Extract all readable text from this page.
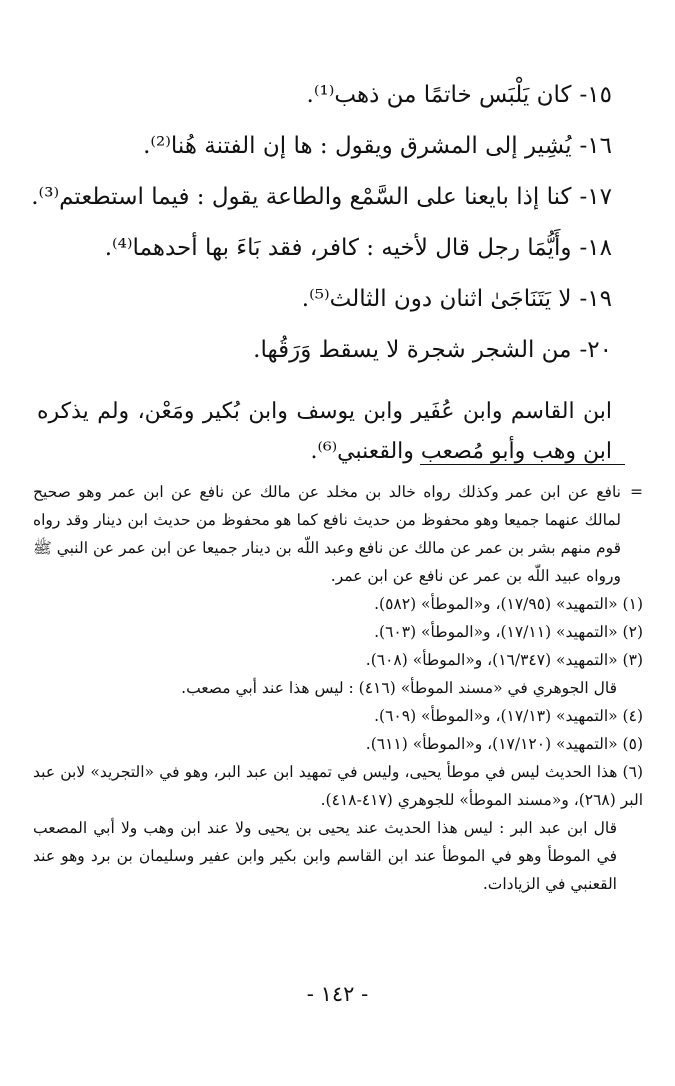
١٥-كان يَلْبَس خاتمًا من ذهب⁽¹⁾.
١٦-يُشِير إلى المشرق ويقول : ها إن الفتنة هُنا⁽²⁾.
١٧-كنا إذا بايعنا على السَّمْع والطاعة يقول : فيما استطعتم⁽³⁾.
١٨-وأَيُّمَا رجل قال لأخيه : كافر، فقد بَاءَ بها أحدهما⁽⁴⁾.
١٩-لا يَتَنَاجَىٰ اثنان دون الثالث⁽⁵⁾.
٢٠-من الشجر شجرة لا يسقط وَرَقُها.

ابن القاسم وابن عُفَير وابن يوسف وابن بُكير ومَعْن، ولم يذكره ابن وهب وأبو مُصعب والقعنبي⁽⁶⁾.

=
نافع عن ابن عمر وكذلك رواه خالد بن مخلد عن مالك عن نافع عن ابن عمر وهو صحيح لمالك عنهما جميعا وهو محفوظ من حديث نافع كما هو محفوظ من حديث ابن دينار وقد رواه قوم منهم بشر بن عمر عن مالك عن نافع وعبد اللّه بن دينار جميعا عن ابن عمر عن النبي ﷺ ورواه عبيد اللّه بن عمر عن نافع عن ابن عمر.
(١) «التمهيد» (١٧/٩٥)، و«الموطأ» (٥٨٢).
(٢) «التمهيد» (١٧/١١)، و«الموطأ» (٦٠٣).
(٣) «التمهيد» (١٦/٣٤٧)، و«الموطأ» (٦٠٨).
قال الجوهري في «مسند الموطأ» (٤١٦) : ليس هذا عند أبي مصعب.
(٤) «التمهيد» (١٧/١٣)، و«الموطأ» (٦٠٩).
(٥) «التمهيد» (١٧/١٢٠)، و«الموطأ» (٦١١).
(٦) هذا الحديث ليس في موطأ يحيى، وليس في تمهيد ابن عبد البر، وهو في «التجريد» لابن عبد البر (٢٦٨)، و«مسند الموطأ» للجوهري (٤١٧-٤١٨).
قال ابن عبد البر : ليس هذا الحديث عند يحيى بن يحيى ولا عند ابن وهب ولا أبي المصعب في الموطأ وهو في الموطأ عند ابن القاسم وابن بكير وابن عفير وسليمان بن برد وهو عند القعنبي في الزيادات.
- ١٤٢ -
